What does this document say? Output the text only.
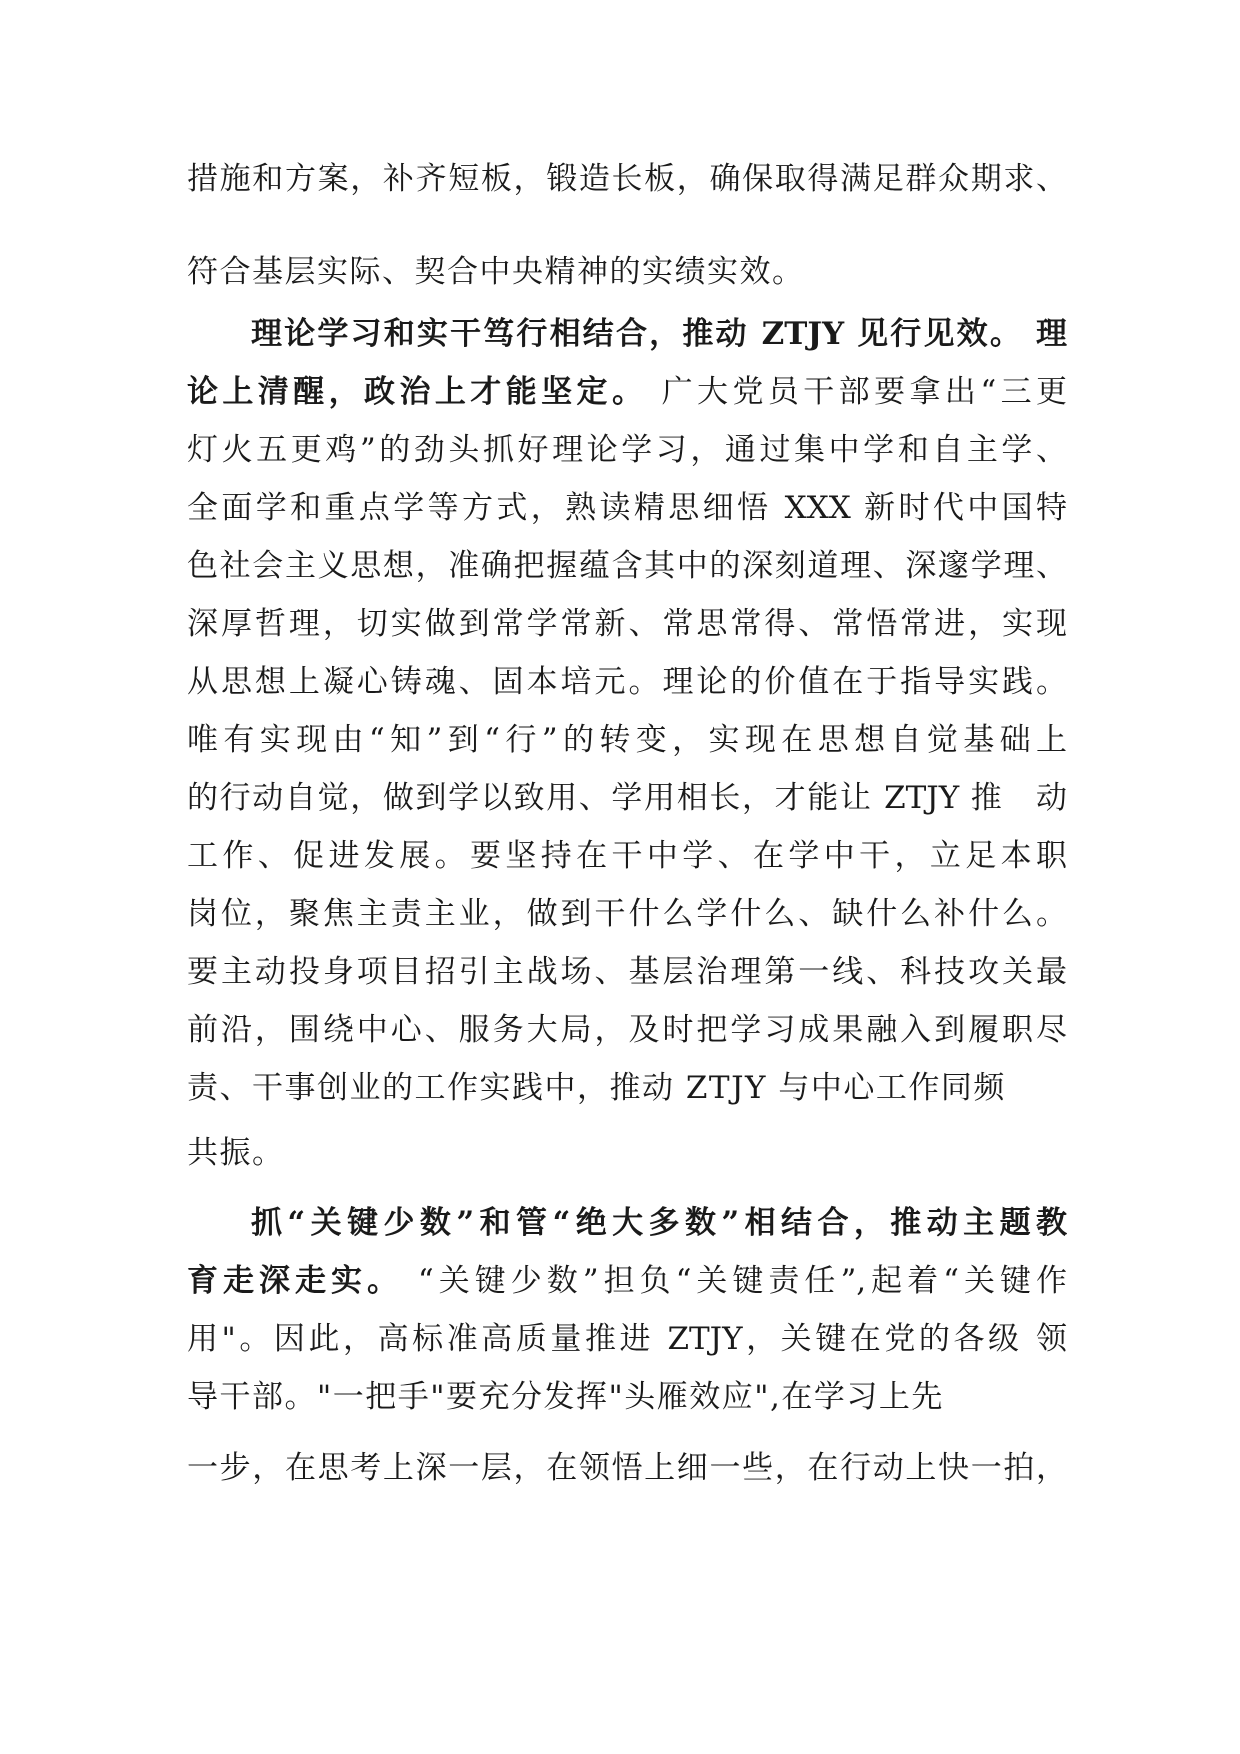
措施和方案，补齐短板，锻造长板，确保取得满足群众期求、
符合基层实际、契合中央精神的实绩实效。
理论学习和实干笃行相结合，推动 ZTJY 见行见效。 理
论上清醒，政治上才能坚定。 广大党员干部要拿出“三更
灯火五更鸡”的劲头抓好理论学习，通过集中学和自主学、
全面学和重点学等方式，熟读精思细悟 XXX 新时代中国特
色社会主义思想，准确把握蕴含其中的深刻道理、深邃学理、
深厚哲理，切实做到常学常新、常思常得、常悟常进，实现
从思想上凝心铸魂、固本培元。理论的价值在于指导实践。
唯有实现由“知”到“行”的转变，实现在思想自觉基础上
的行动自觉，做到学以致用、学用相长，才能让 ZTJY 推　动
工作、促进发展。要坚持在干中学、在学中干，立足本职
岗位，聚焦主责主业，做到干什么学什么、缺什么补什么。
要主动投身项目招引主战场、基层治理第一线、科技攻关最
前沿，围绕中心、服务大局，及时把学习成果融入到履职尽
责、干事创业的工作实践中，推动 ZTJY 与中心工作同频
共振。
抓“关键少数”和管“绝大多数”相结合，推动主题教
育走深走实。 “关键少数”担负“关键责任”,起着“关键作
用"。因此，高标准高质量推进 ZTJY，关键在党的各级 领
导干部。"一把手"要充分发挥"头雁效应",在学习上先
一步，在思考上深一层，在领悟上细一些，在行动上快一拍，
